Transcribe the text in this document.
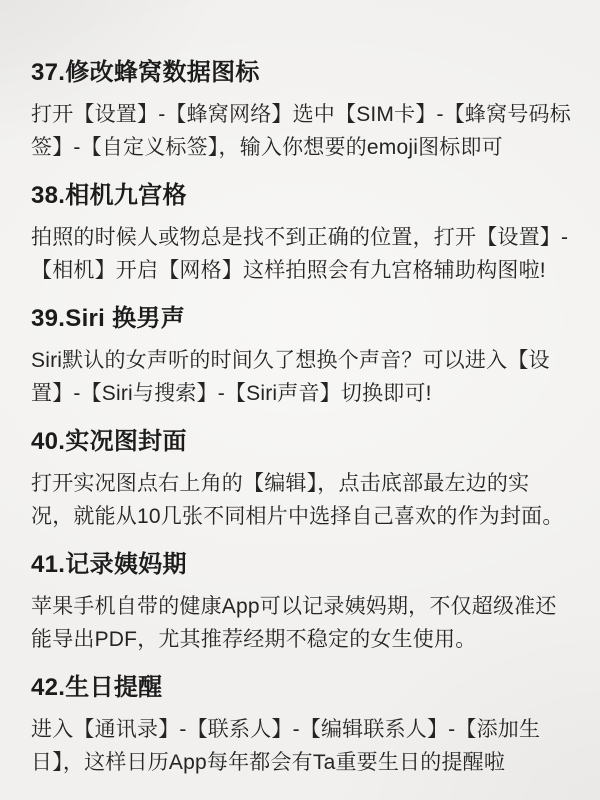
37.修改蜂窝数据图标

打开【设置】-【蜂窝网络】选中【SIM卡】-【蜂窝号码标签】-【自定义标签】，输入你想要的emoji图标即可

38.相机九宫格

拍照的时候人或物总是找不到正确的位置，打开【设置】-【相机】开启【网格】这样拍照会有九宫格辅助构图啦!

39.Siri 换男声

Siri默认的女声听的时间久了想换个声音？可以进入【设置】-【Siri与搜索】-【Siri声音】切换即可!

40.实况图封面

打开实况图点右上角的【编辑】，点击底部最左边的实况，就能从10几张不同相片中选择自己喜欢的作为封面。

41.记录姨妈期

苹果手机自带的健康App可以记录姨妈期，不仅超级准还能导出PDF，尤其推荐经期不稳定的女生使用。

42.生日提醒

进入【通讯录】-【联系人】-【编辑联系人】-【添加生日】，这样日历App每年都会有Ta重要生日的提醒啦
